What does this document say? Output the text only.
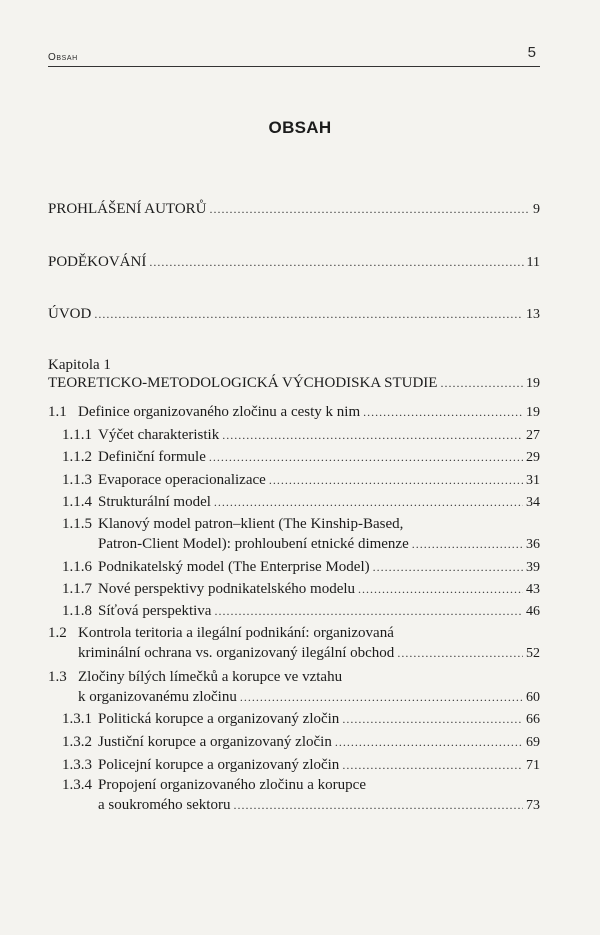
Obsah	5
OBSAH
PROHLÁŠENÍ AUTORŮ .....	9
PODĚKOVÁNÍ .....	11
ÚVOD .....	13
Kapitola 1
TEORETICKO-METODOLOGICKÁ VÝCHODISKA STUDIE .....	19
1.1 Definice organizovaného zločinu a cesty k nim .....	19
1.1.1 Výčet charakteristik .....	27
1.1.2 Definiční formule .....	29
1.1.3 Evaporace operacionalizace .....	31
1.1.4 Strukturální model .....	34
1.1.5 Klanový model patron–klient (The Kinship-Based,
Patron-Client Model): prohloubení etnické dimenze .....	36
1.1.6 Podnikatelský model (The Enterprise Model) .....	39
1.1.7 Nové perspektivy podnikatelského modelu .....	43
1.1.8 Síťová perspektiva .....	46
1.2 Kontrola teritoria a ilegální podnikání: organizovaná
kriminální ochrana vs. organizovaný ilegální obchod .....	52
1.3 Zločiny bílých límečků a korupce ve vztahu
k organizovanému zločinu .....	60
1.3.1 Politická korupce a organizovaný zločin .....	66
1.3.2 Justiční korupce a organizovaný zločin .....	69
1.3.3 Policejní korupce a organizovaný zločin .....	71
1.3.4 Propojení organizovaného zločinu a korupce
a soukromého sektoru .....	73
